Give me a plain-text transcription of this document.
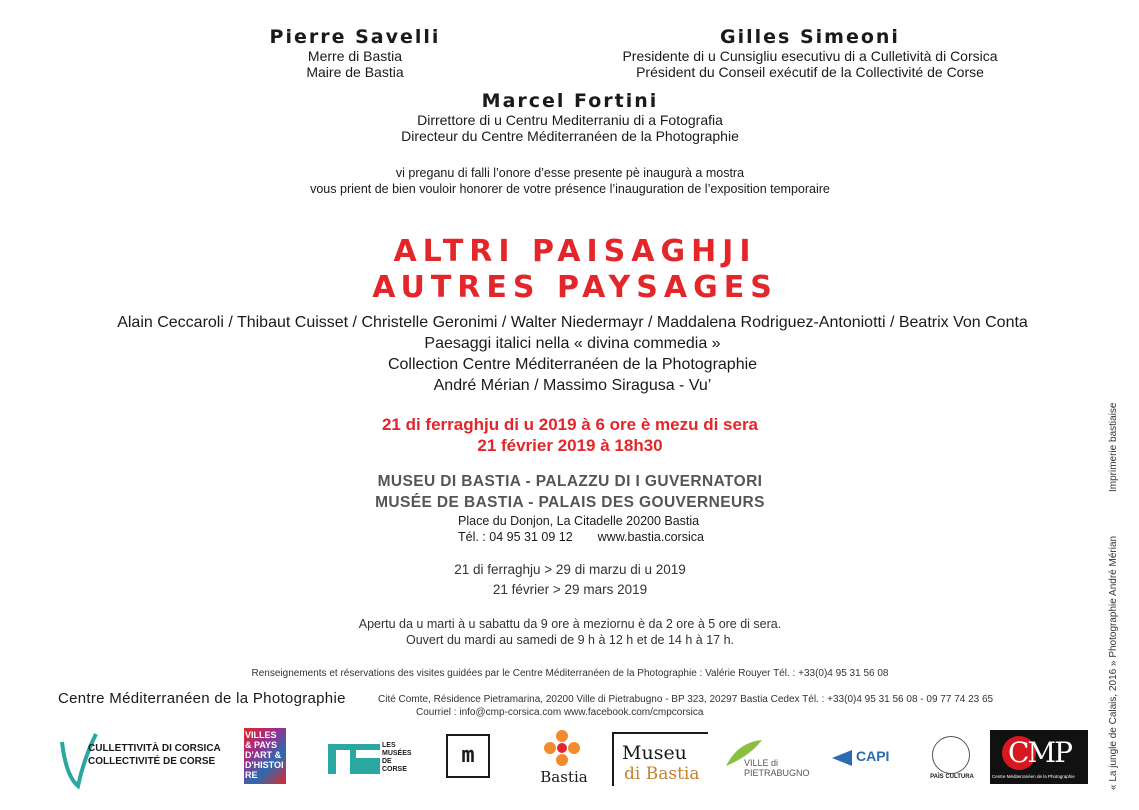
Pierre Savelli
Merre di Bastia
Maire de Bastia
Gilles Simeoni
Presidente di u Cunsigliu esecutivu di a Culletività di Corsica
Président du Conseil exécutif de la Collectivité de Corse
Marcel Fortini
Dirrettore di u Centru Mediterraniu di a Fotografia
Directeur du Centre Méditerranéen de la Photographie
vi preganu di falli l’onore d’esse presente pè inaugurà a mostra
vous prient de bien vouloir honorer de votre présence l’inauguration de l’exposition temporaire
ALTRI PAISAGHJI
AUTRES PAYSAGES
Alain Ceccaroli / Thibaut Cuisset / Christelle Geronimi / Walter Niedermayr / Maddalena Rodriguez-Antoniotti / Beatrix Von Conta
Paesaggi italici nella « divina commedia »
Collection Centre Méditerranéen de la Photographie
André Mérian / Massimo Siragusa - Vu’
21 di ferraghju di u 2019 à 6 ore è mezu di sera
21 février 2019 à 18h30
MUSEU DI BASTIA - PALAZZU DI I GUVERNATORI
MUSÉE DE BASTIA - PALAIS DES GOUVERNEURS
Place du Donjon, La Citadelle 20200 Bastia
Tél. : 04 95 31 09 12 www.bastia.corsica
21 di ferraghju > 29 di marzu di u 2019
21 février > 29 mars 2019
Apertu da u marti à u sabattu da 9 ore à meziornu è da 2 ore à 5 ore di sera.
Ouvert du mardi au samedi de 9 h à 12 h et de 14 h à 17 h.
Renseignements et réservations des visites guidées par le Centre Méditerranéen de la Photographie : Valérie Rouyer Tél. : +33(0)4 95 31 56 08
Centre Méditerranéen de la Photographie	Cité Comte, Résidence Pietramarina, 20200 Ville di Pietrabugno - BP 323, 20297 Bastia Cedex Tél. : +33(0)4 95 31 56 08 - 09 77 74 23 65
Courriel : info@cmp-corsica.com www.facebook.com/cmpcorsica	« La jungle de Calais, 2016 » Photographie André Mérian
Imprimerie bastiaise
CULLETTIVITÀ DI CORSICA
COLLECTIVITÉ DE CORSE
VILLES & PAYS D'ART & D'HISTOIRE
LES
MUSÉES
DE
CORSE
m
Bastia
Museu
di Bastia
VILLE di PIETRABUGNO
CAPI
PAÌS CULTURA
CMP
Centre Méditerranéen de la Photographie
